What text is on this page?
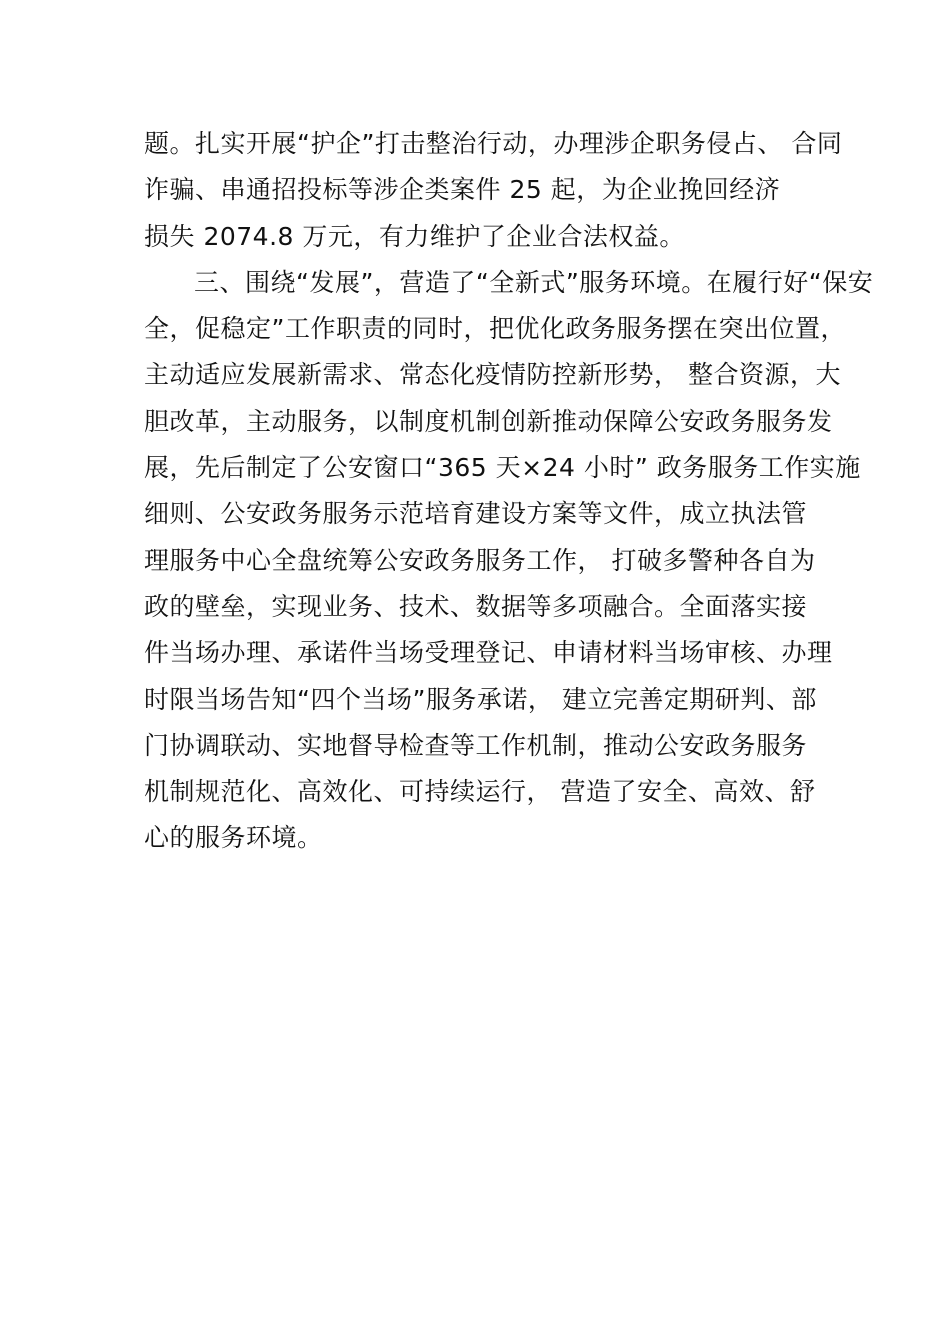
题。扎实开展“护企”打击整治行动，办理涉企职务侵占、 合同
诈骗、串通招投标等涉企类案件 25 起，为企业挽回经济
损失 2074.8 万元，有力维护了企业合法权益。
三、围绕“发展”，营造了“全新式”服务环境。在履行好“保安
全，促稳定”工作职责的同时，把优化政务服务摆在突出位置，
主动适应发展新需求、常态化疫情防控新形势， 整合资源，大
胆改革，主动服务，以制度机制创新推动保障公安政务服务发
展，先后制定了公安窗口“365 天×24 小时” 政务服务工作实施
细则、公安政务服务示范培育建设方案等文件，成立执法管
理服务中心全盘统筹公安政务服务工作， 打破多警种各自为
政的壁垒，实现业务、技术、数据等多项融合。全面落实接
件当场办理、承诺件当场受理登记、申请材料当场审核、办理
时限当场告知“四个当场”服务承诺， 建立完善定期研判、部
门协调联动、实地督导检查等工作机制，推动公安政务服务
机制规范化、高效化、可持续运行， 营造了安全、高效、舒
心的服务环境。
